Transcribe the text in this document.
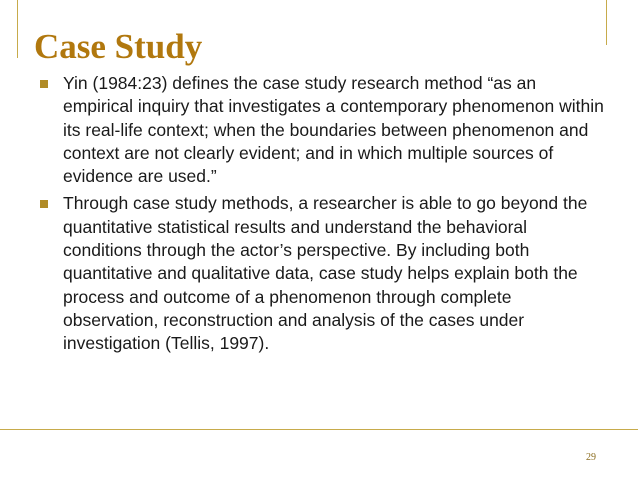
Case Study
Yin (1984:23) defines the case study research method “as an empirical inquiry that investigates a contemporary phenomenon within its real-life context; when the boundaries between phenomenon and context are not clearly evident; and in which multiple sources of evidence are used.”
Through case study methods, a researcher is able to go beyond the quantitative statistical results and understand the behavioral conditions through the actor’s perspective. By including both quantitative and qualitative data, case study helps explain both the process and outcome of a phenomenon through complete observation, reconstruction and analysis of the cases under investigation (Tellis, 1997).
29
